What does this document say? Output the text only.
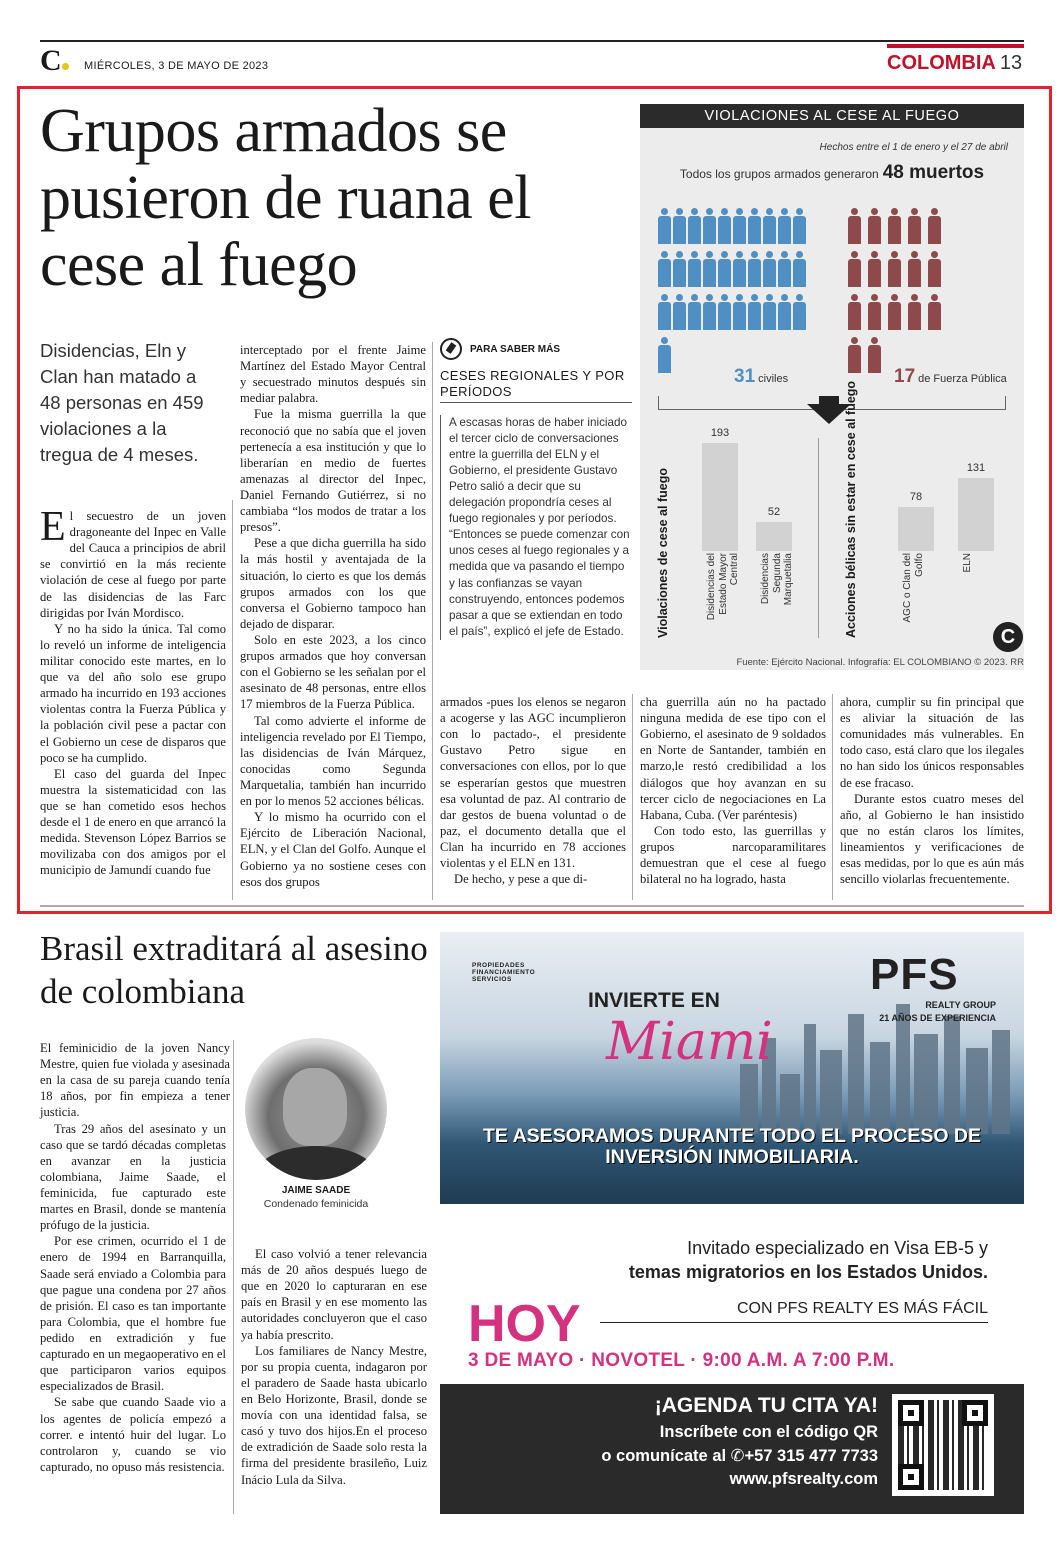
C	MIÉRCOLES, 3 DE MAYO DE 2023	COLOMBIA 13
Grupos armados se pusieron de ruana el cese al fuego
Disidencias, Eln y Clan han matado a 48 personas en 459 violaciones a la tregua de 4 meses.

El secuestro de un joven dragoneante del Inpec en Valle del Cauca a principios de abril se convirtió en la más reciente violación de cese al fuego por parte de las disidencias de las Farc dirigidas por Iván Mordisco.

Y no ha sido la única. Tal como lo reveló un informe de inteligencia militar conocido este martes, en lo que va del año solo ese grupo armado ha incurrido en 193 acciones violentas contra la Fuerza Pública y la población civil pese a pactar con el Gobierno un cese de disparos que poco se ha cumplido.

El caso del guarda del Inpec muestra la sistematicidad con las que se han cometido esos hechos desde el 1 de enero en que arrancó la medida. Stevenson López Barrios se movilizaba con dos amigos por el municipio de Jamundí cuando fue

interceptado por el frente Jaime Martínez del Estado Mayor Central y secuestrado minutos después sin mediar palabra.

Fue la misma guerrilla la que reconoció que no sabía que el joven pertenecía a esa institución y que lo liberarían en medio de fuertes amenazas al director del Inpec, Daniel Fernando Gutiérrez, si no cambiaba “los modos de tratar a los presos”.

Pese a que dicha guerrilla ha sido la más hostil y aventajada de la situación, lo cierto es que los demás grupos armados con los que conversa el Gobierno tampoco han dejado de disparar.

Solo en este 2023, a los cinco grupos armados que hoy conversan con el Gobierno se les señalan por el asesinato de 48 personas, entre ellos 17 miembros de la Fuerza Pública.

Tal como advierte el informe de inteligencia revelado por El Tiempo, las disidencias de Iván Márquez, conocidas como Segunda Marquetalia, también han incurrido en por lo menos 52 acciones bélicas.

Y lo mismo ha ocurrido con el Ejército de Liberación Nacional, ELN, y el Clan del Golfo. Aunque el Gobierno ya no sostiene ceses con esos dos grupos

PARA SABER MÁS
CESES REGIONALES Y POR PERÍODOS
A escasas horas de haber iniciado el tercer ciclo de conversaciones entre la guerrilla del ELN y el Gobierno, el presidente Gustavo Petro salió a decir que su delegación propondría ceses al fuego regionales y por períodos. “Entonces se puede comenzar con unos ceses al fuego regionales y a medida que va pasando el tiempo y las confianzas se vayan construyendo, entonces podemos pasar a que se extiendan en todo el país”, explicó el jefe de Estado.
VIOLACIONES AL CESE AL FUEGO
Hechos entre el 1 de enero y el 27 de abril
Todos los grupos armados generaron 48 muertos
31 civiles	17 de Fuerza Pública
Violaciones de cese al fuego	Acciones bélicas sin estar en cese al fuego
193
Disidencias del Estado Mayor Central
52
Disidencias Segunda Marquetalia
78
AGC o Clan del Golfo
131
ELN
C
Fuente: Ejército Nacional. Infografía: EL COLOMBIANO © 2023. RR

armados -pues los elenos se negaron a acogerse y las AGC incumplieron con lo pactado-, el presidente Gustavo Petro sigue en conversaciones con ellos, por lo que se esperarían gestos que muestren esa voluntad de paz. Al contrario de dar gestos de buena voluntad o de paz, el documento detalla que el Clan ha incurrido en 78 acciones violentas y el ELN en 131.

De hecho, y pese a que di-

cha guerrilla aún no ha pactado ninguna medida de ese tipo con el Gobierno, el asesinato de 9 soldados en Norte de Santander, también en marzo,le restó credibilidad a los diálogos que hoy avanzan en su tercer ciclo de negociaciones en La Habana, Cuba. (Ver paréntesis)

Con todo esto, las guerrillas y grupos narcoparamilitares demuestran que el cese al fuego bilateral no ha logrado, hasta

ahora, cumplir su fin principal que es aliviar la situación de las comunidades más vulnerables. En todo caso, está claro que los ilegales no han sido los únicos responsables de ese fracaso.

Durante estos cuatro meses del año, al Gobierno le han insistido que no están claros los límites, lineamientos y verificaciones de esas medidas, por lo que es aún más sencillo violarlas frecuentemente.

Brasil extraditará al asesino de colombiana
JAIME SAADE
Condenado feminicida

El feminicidio de la joven Nancy Mestre, quien fue violada y asesinada en la casa de su pareja cuando tenía 18 años, por fin empieza a tener justicia.

Tras 29 años del asesinato y un caso que se tardó décadas completas en avanzar en la justicia colombiana, Jaime Saade, el feminicida, fue capturado este martes en Brasil, donde se mantenía prófugo de la justicia.

Por ese crimen, ocurrido el 1 de enero de 1994 en Barranquilla, Saade será enviado a Colombia para que pague una condena por 27 años de prisión. El caso es tan importante para Colombia, que el hombre fue pedido en extradición y fue capturado en un megaoperativo en el que participaron varios equipos especializados de Brasil.

Se sabe que cuando Saade vio a los agentes de policía empezó a correr. e intentó huir del lugar. Lo controlaron y, cuando se vio capturado, no opuso más resistencia.

El caso volvió a tener relevancia más de 20 años después luego de que en 2020 lo capturaran en ese país en Brasil y en ese momento las autoridades concluyeron que el caso ya había prescrito.

Los familiares de Nancy Mestre, por su propia cuenta, indagaron por el paradero de Saade hasta ubicarlo en Belo Horizonte, Brasil, donde se movía con una identidad falsa, se casó y tuvo dos hijos.En el proceso de extradición de Saade solo resta la firma del presidente brasileño, Luiz Inácio Lula da Silva.

PROPIEDADES
FINANCIAMIENTO
SERVICIOS
INVIERTE EN
Miami
PFS
REALTY GROUP
21 AÑOS DE EXPERIENCIA
TE ASESORAMOS DURANTE TODO EL PROCESO DE INVERSIÓN INMOBILIARIA.
Invitado especializado en Visa EB-5 y
temas migratorios en los Estados Unidos.
HOY	CON PFS REALTY ES MÁS FÁCIL
3 DE MAYO · NOVOTEL · 9:00 A.M. A 7:00 P.M.
¡AGENDA TU CITA YA!
Inscríbete con el código QR
o comunícate al ✆+57 315 477 7733
www.pfsrealty.com
